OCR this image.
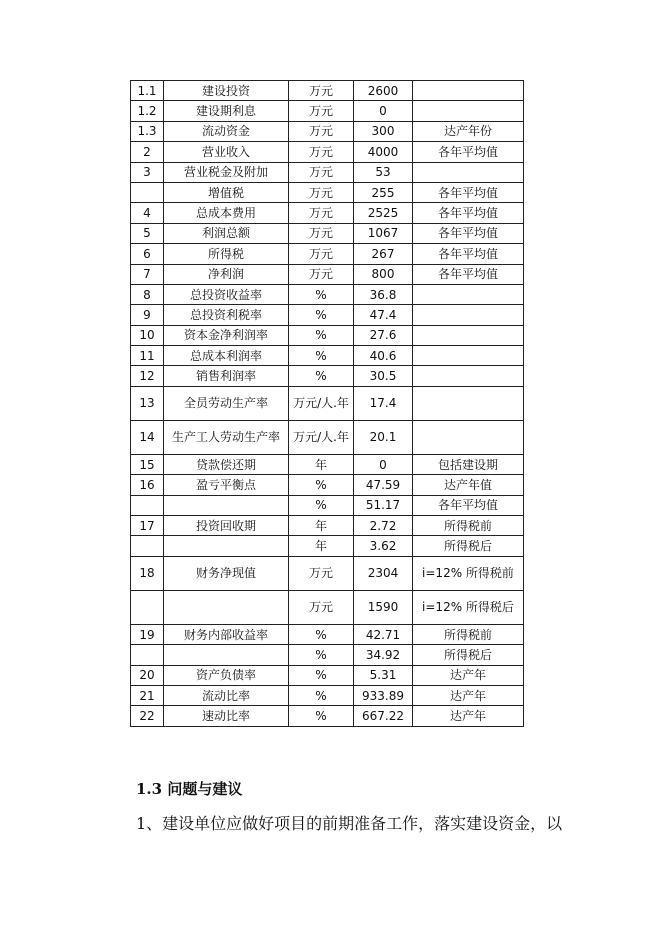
1.1	建设投资	万元	2600	
1.2	建设期利息	万元	0	
1.3	流动资金	万元	300	达产年份
2	营业收入	万元	4000	各年平均值
3	营业税金及附加	万元	53	
	增值税	万元	255	各年平均值
4	总成本费用	万元	2525	各年平均值
5	利润总额	万元	1067	各年平均值
6	所得税	万元	267	各年平均值
7	净利润	万元	800	各年平均值
8	总投资收益率	%	36.8	
9	总投资利税率	%	47.4	
10	资本金净利润率	%	27.6	
11	总成本利润率	%	40.6	
12	销售利润率	%	30.5	
13	全员劳动生产率	万元/人.年	17.4	
14	生产工人劳动生产率	万元/人.年	20.1	
15	贷款偿还期	年	0	包括建设期
16	盈亏平衡点	%	47.59	达产年值
		%	51.17	各年平均值
17	投资回收期	年	2.72	所得税前
		年	3.62	所得税后
18	财务净现值	万元	2304	i=12% 所得税前
		万元	1590	i=12% 所得税后
19	财务内部收益率	%	42.71	所得税前
		%	34.92	所得税后
20	资产负债率	%	5.31	达产年
21	流动比率	%	933.89	达产年
22	速动比率	%	667.22	达产年
1.3 问题与建议

1、建设单位应做好项目的前期准备工作，落实建设资金，以
